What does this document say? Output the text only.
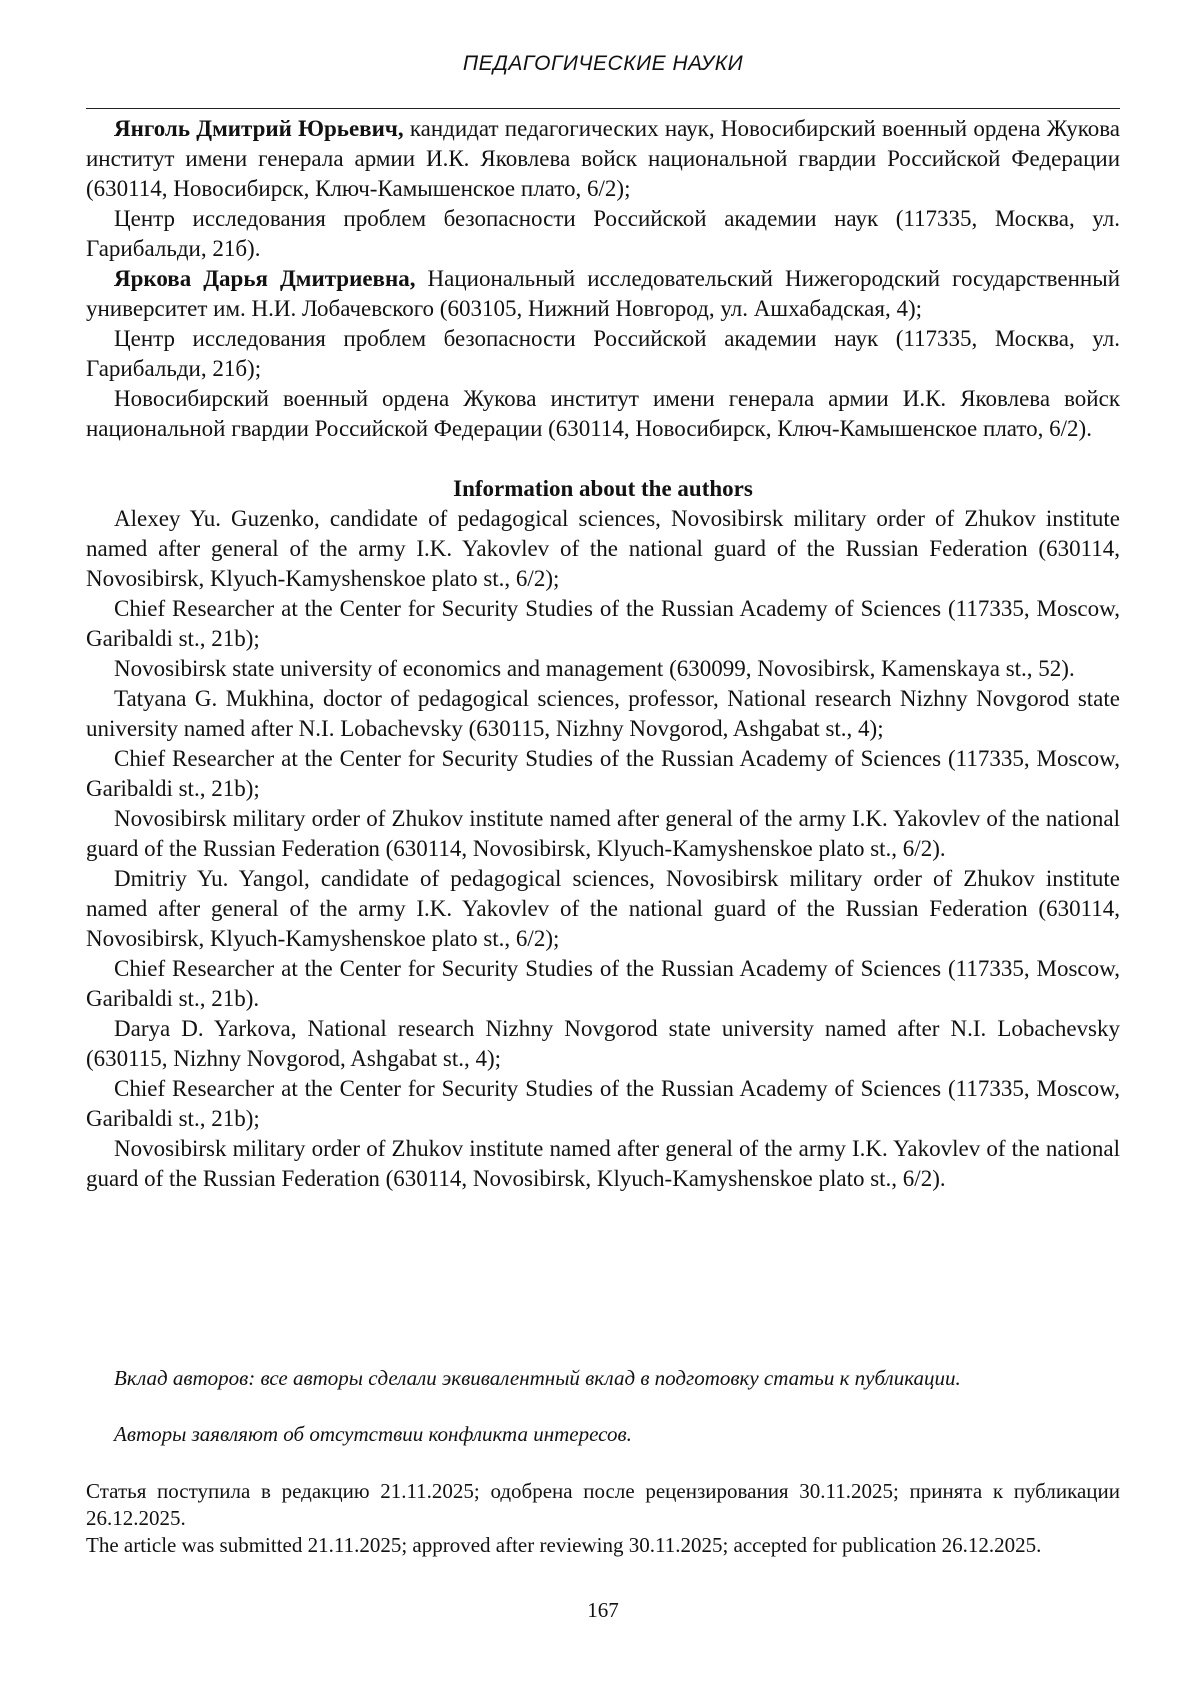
ПЕДАГОГИЧЕСКИЕ НАУКИ

Янголь Дмитрий Юрьевич, кандидат педагогических наук, Новосибирский военный ордена Жукова институт имени генерала армии И.К. Яковлева войск национальной гвардии Российской Федерации (630114, Новосибирск, Ключ-Камышенское плато, 6/2);

Центр исследования проблем безопасности Российской академии наук (117335, Москва, ул. Гарибальди, 21б).

Яркова Дарья Дмитриевна, Национальный исследовательский Нижегородский государственный университет им. Н.И. Лобачевского (603105, Нижний Новгород, ул. Ашхабадская, 4);

Центр исследования проблем безопасности Российской академии наук (117335, Москва, ул. Гарибальди, 21б);

Новосибирский военный ордена Жукова институт имени генерала армии И.К. Яковлева войск национальной гвардии Российской Федерации (630114, Новосибирск, Ключ-Камышенское плато, 6/2).

Information about the authors

Alexey Yu. Guzenko, candidate of pedagogical sciences, Novosibirsk military order of Zhukov institute named after general of the army I.K. Yakovlev of the national guard of the Russian Federation (630114, Novosibirsk, Klyuch-Kamyshenskoe plato st., 6/2);

Chief Researcher at the Center for Security Studies of the Russian Academy of Sciences (117335, Moscow, Garibaldi st., 21b);

Novosibirsk state university of economics and management (630099, Novosibirsk, Kamenskaya st., 52).

Tatyana G. Mukhina, doctor of pedagogical sciences, professor, National research Nizhny Novgorod state university named after N.I. Lobachevsky (630115, Nizhny Novgorod, Ashgabat st., 4);

Chief Researcher at the Center for Security Studies of the Russian Academy of Sciences (117335, Moscow, Garibaldi st., 21b);

Novosibirsk military order of Zhukov institute named after general of the army I.K. Yakovlev of the national guard of the Russian Federation (630114, Novosibirsk, Klyuch-Kamyshenskoe plato st., 6/2).

Dmitriy Yu. Yangol, candidate of pedagogical sciences, Novosibirsk military order of Zhukov institute named after general of the army I.K. Yakovlev of the national guard of the Russian Federation (630114, Novosibirsk, Klyuch-Kamyshenskoe plato st., 6/2);

Chief Researcher at the Center for Security Studies of the Russian Academy of Sciences (117335, Moscow, Garibaldi st., 21b).

Darya D. Yarkova, National research Nizhny Novgorod state university named after N.I. Lobachevsky (630115, Nizhny Novgorod, Ashgabat st., 4);

Chief Researcher at the Center for Security Studies of the Russian Academy of Sciences (117335, Moscow, Garibaldi st., 21b);

Novosibirsk military order of Zhukov institute named after general of the army I.K. Yakovlev of the national guard of the Russian Federation (630114, Novosibirsk, Klyuch-Kamyshenskoe plato st., 6/2).

Вклад авторов: все авторы сделали эквивалентный вклад в подготовку статьи к публикации.
Авторы заявляют об отсутствии конфликта интересов.

Статья поступила в редакцию 21.11.2025; одобрена после рецензирования 30.11.2025; принята к публикации 26.12.2025.

The article was submitted 21.11.2025; approved after reviewing 30.11.2025; accepted for publication 26.12.2025.

167
